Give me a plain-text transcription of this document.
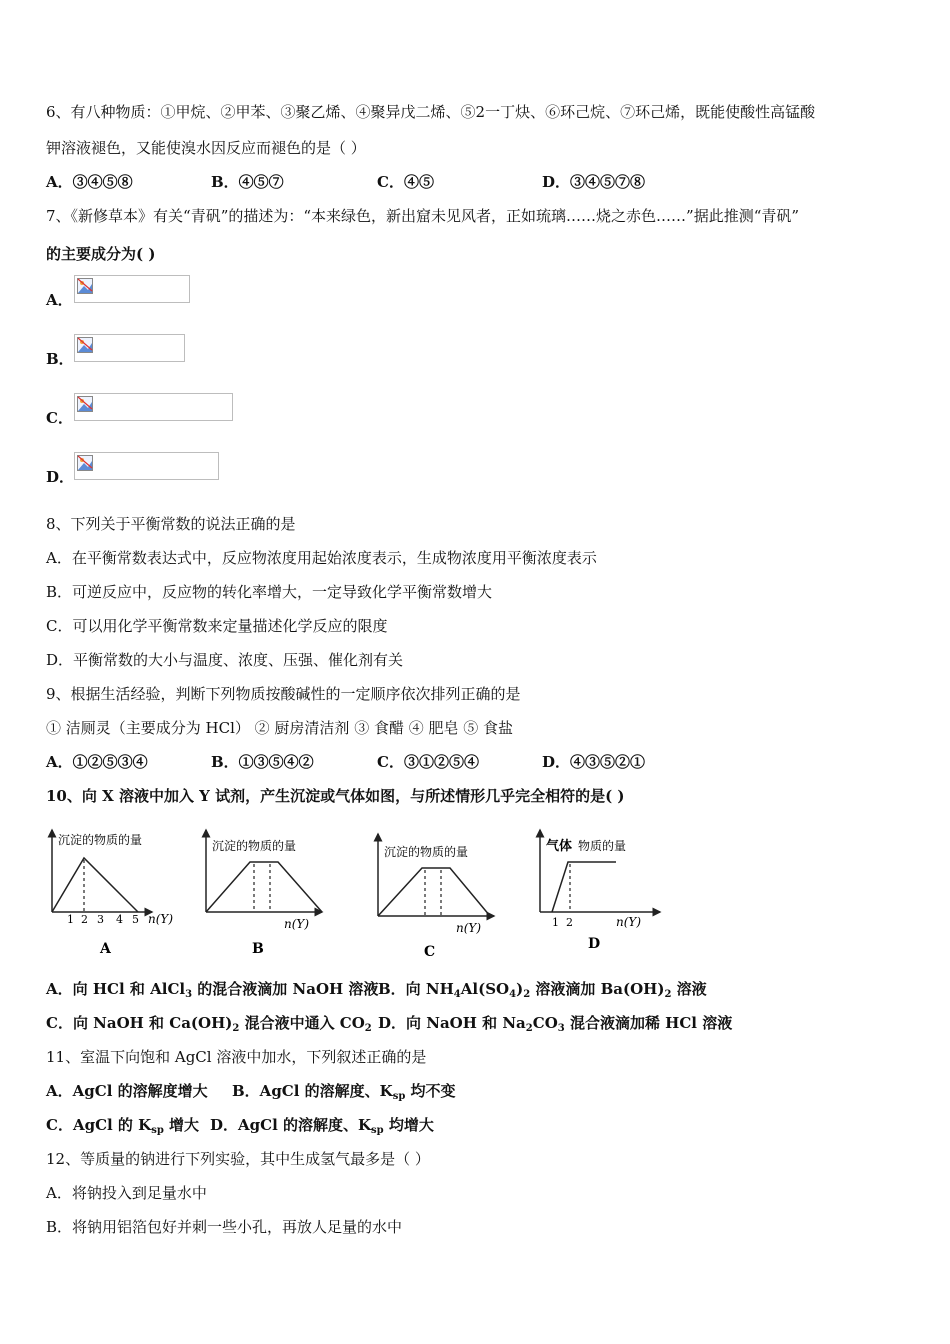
6、有八种物质：①甲烷、②甲苯、③聚乙烯、④聚异戊二烯、⑤2一丁炔、⑥环己烷、⑦环己烯，既能使酸性高锰酸
钾溶液褪色，又能使溴水因反应而褪色的是（ ）
A．③④⑤⑧	B．④⑤⑦	C．④⑤	D．③④⑤⑦⑧
7、《新修草本》有关“青矾”的描述为：“本来绿色，新出窟未见风者，正如琉璃……烧之赤色……”据此推测“青矾”
的主要成分为( )
A．
B．
C．
D．
8、下列关于平衡常数的说法正确的是
A．在平衡常数表达式中，反应物浓度用起始浓度表示，生成物浓度用平衡浓度表示
B．可逆反应中，反应物的转化率增大，一定导致化学平衡常数增大
C．可以用化学平衡常数来定量描述化学反应的限度
D．平衡常数的大小与温度、浓度、压强、催化剂有关
9、根据生活经验，判断下列物质按酸碱性的一定顺序依次排列正确的是
① 洁厕灵（主要成分为 HCl） ② 厨房清洁剂 ③ 食醋 ④ 肥皂 ⑤ 食盐
A．①②⑤③④	B．①③⑤④②	C．③①②⑤④	D．④③⑤②①
10、向 X 溶液中加入 Y 试剂，产生沉淀或气体如图，与所述情形几乎完全相符的是( )
沉淀的物质的量
1 2 3 4 5 n(Y)
A
沉淀的物质的量
n(Y)
B
沉淀的物质的量
n(Y)
C
气体 物质的量
1 2	n(Y)
D
A．向 HCl 和 AlCl$_3$ 的混合液滴加 NaOH 溶液 B．向 $NH_4Al(SO_4)_2$ 溶液滴加 $Ba(OH)_2$ 溶液
C．向 NaOH 和 $Ca(OH)_2$ 混合液中通入 $CO_2$ D．向 NaOH 和 $Na_2CO_3$ 混合液滴加稀 HCl 溶液
11、室温下向饱和 AgCl 溶液中加水，下列叙述正确的是
A．AgCl 的溶解度增大 B．AgCl 的溶解度、$K_{sp}$ 均不变
C．AgCl 的 $K_{sp}$ 增大 D．AgCl 的溶解度、$K_{sp}$ 均增大
12、等质量的钠进行下列实验，其中生成氢气最多是（ ）
A．将钠投入到足量水中
B．将钠用铝箔包好并刺一些小孔，再放人足量的水中
